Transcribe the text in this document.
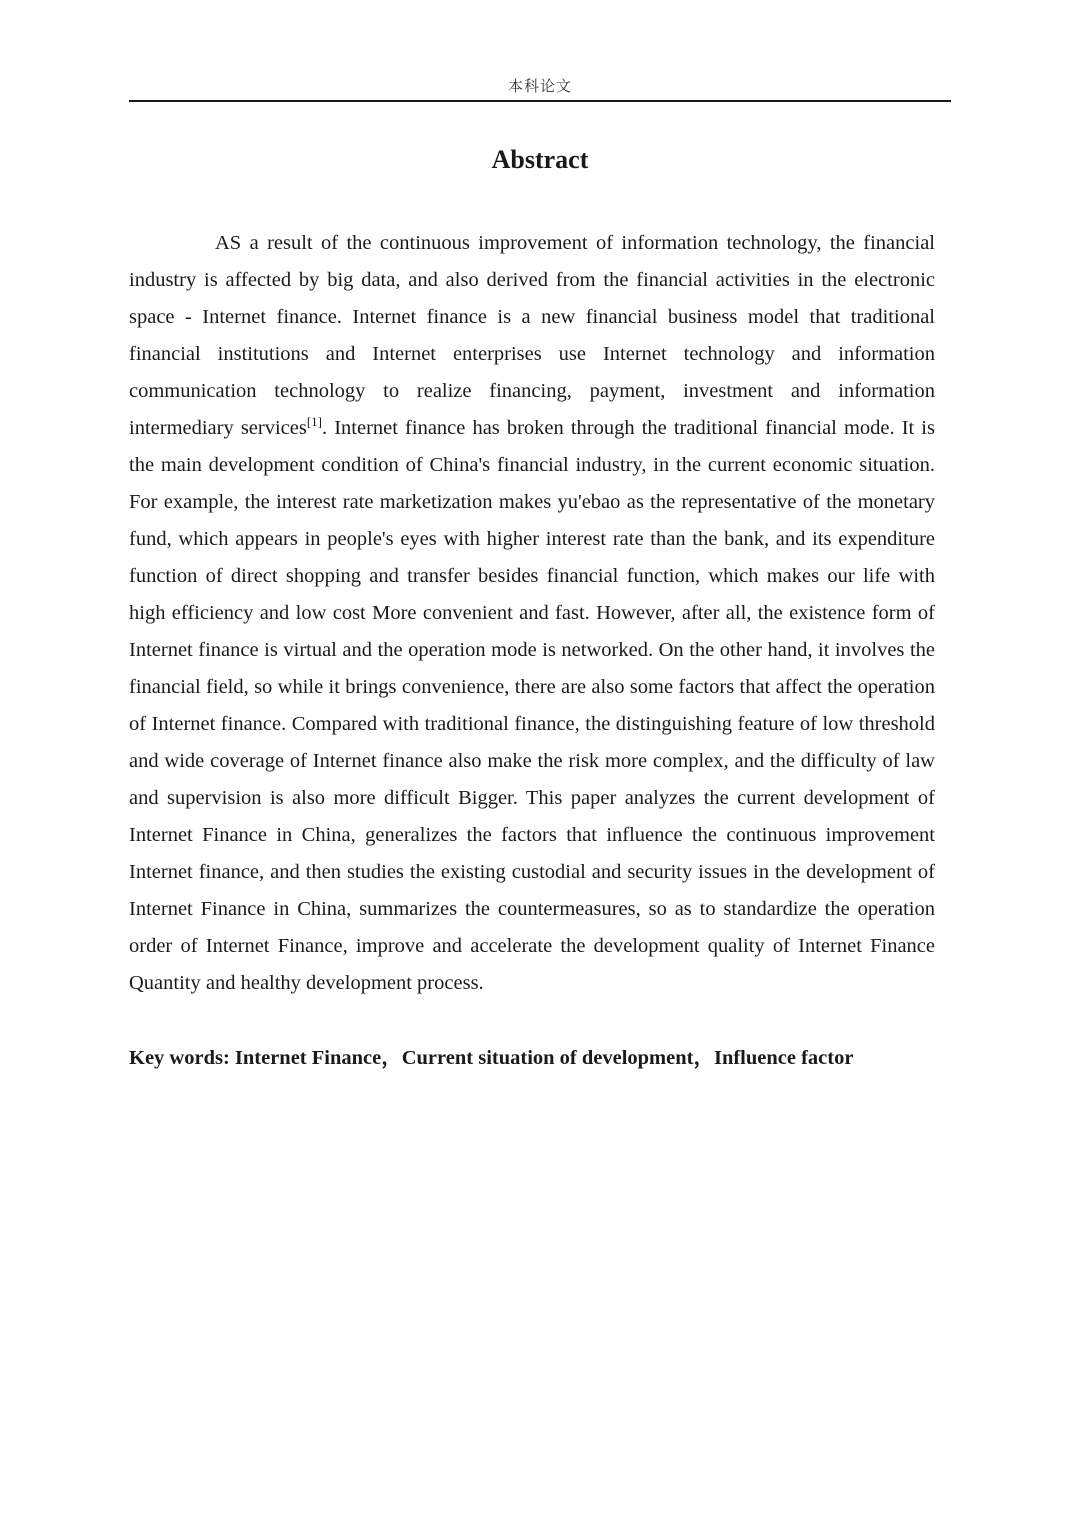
本科论文
Abstract

AS a result of the continuous improvement of information technology, the financial industry is affected by big data, and also derived from the financial activities in the electronic space - Internet finance. Internet finance is a new financial business model that traditional financial institutions and Internet enterprises use Internet technology and information communication technology to realize financing, payment, investment and information intermediary services[1]. Internet finance has broken through the traditional financial mode. It is the main development condition of China's financial industry, in the current economic situation. For example, the interest rate marketization makes yu'ebao as the representative of the monetary fund, which appears in people's eyes with higher interest rate than the bank, and its expenditure function of direct shopping and transfer besides financial function, which makes our life with high efficiency and low cost More convenient and fast. However, after all, the existence form of Internet finance is virtual and the operation mode is networked. On the other hand, it involves the financial field, so while it brings convenience, there are also some factors that affect the operation of Internet finance. Compared with traditional finance, the distinguishing feature of low threshold and wide coverage of Internet finance also make the risk more complex, and the difficulty of law and supervision is also more difficult Bigger. This paper analyzes the current development of Internet Finance in China, generalizes the factors that influence the continuous improvement Internet finance, and then studies the existing custodial and security issues in the development of Internet Finance in China, summarizes the countermeasures, so as to standardize the operation order of Internet Finance, improve and accelerate the development quality of Internet Finance Quantity and healthy development process.

Key words: Internet Finance，Current situation of development，Influence factor
